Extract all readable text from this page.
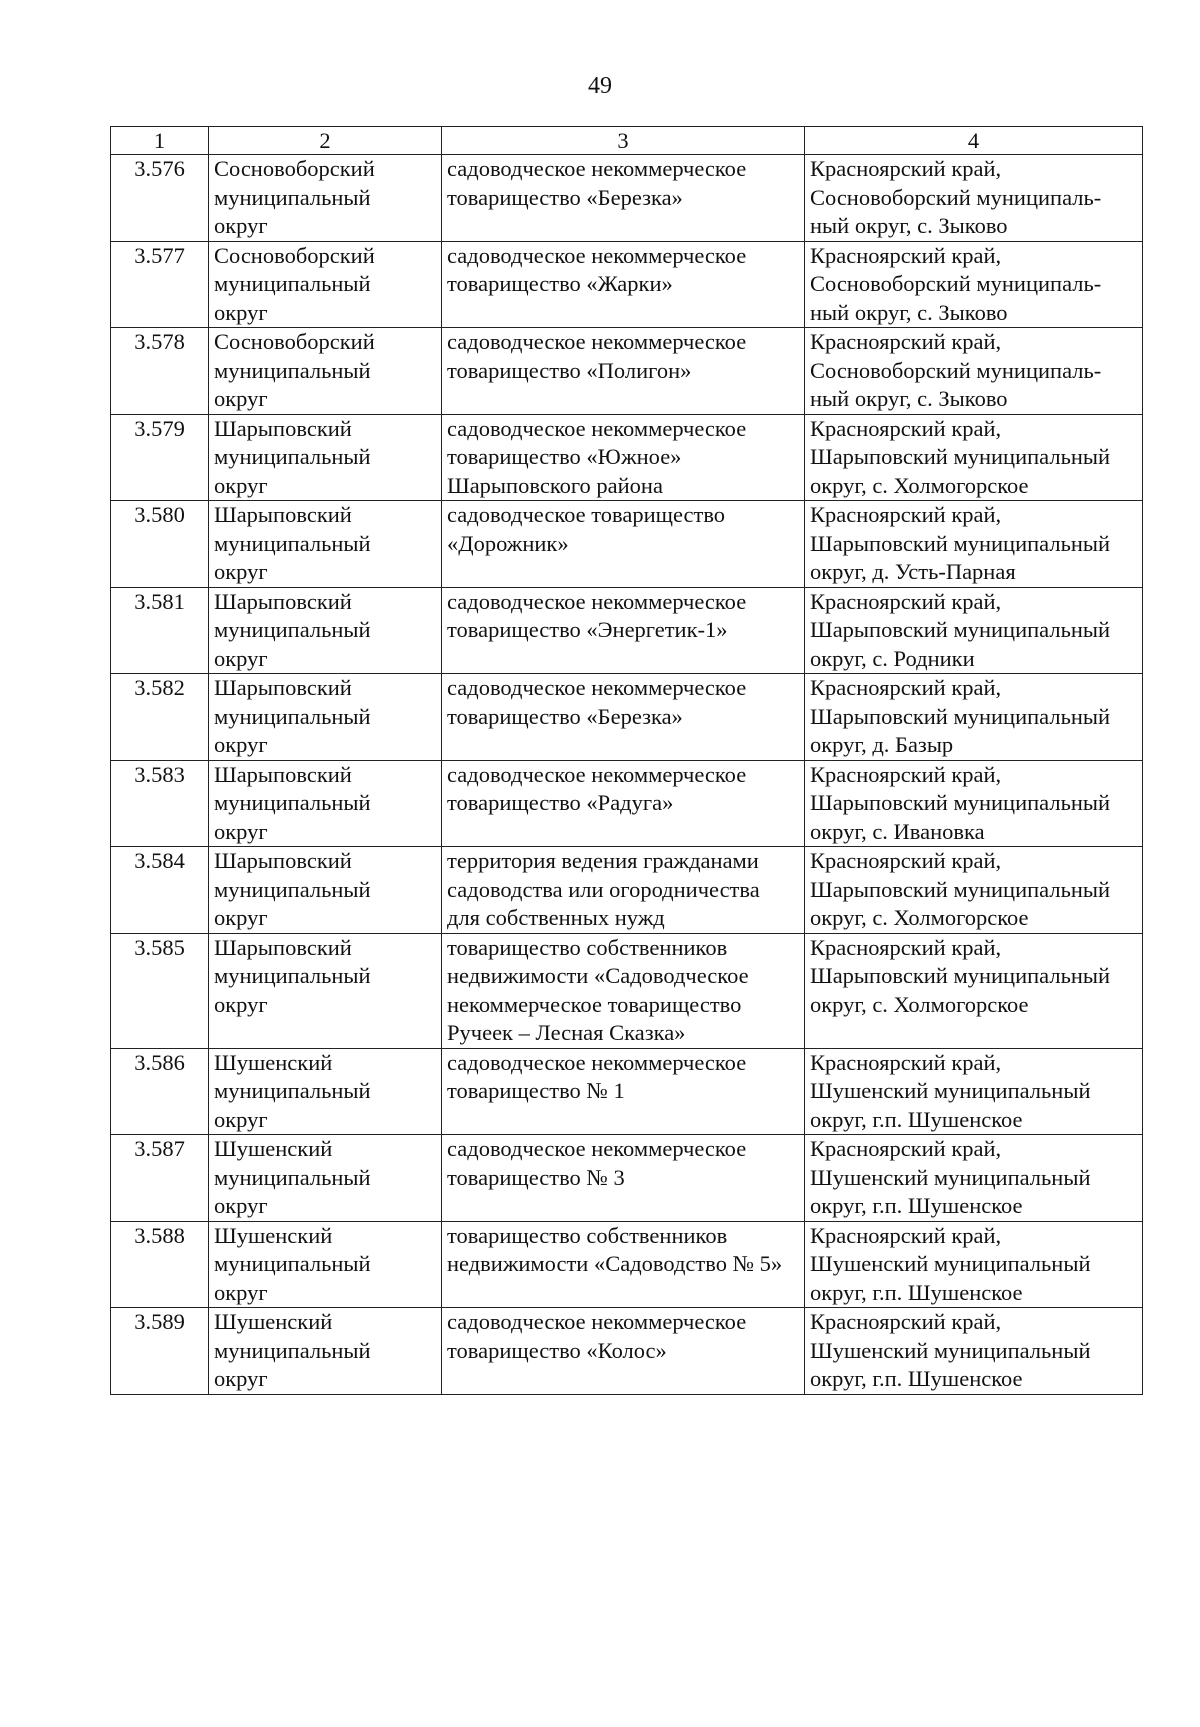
49
1	2	3	4
3.576	Сосновоборский
муниципальный
округ	садоводческое некоммерческое
товарищество «Березка»	Красноярский край,
Сосновоборский муниципаль-
ный округ, с. Зыково
3.577	Сосновоборский
муниципальный
округ	садоводческое некоммерческое
товарищество «Жарки»	Красноярский край,
Сосновоборский муниципаль-
ный округ, с. Зыково
3.578	Сосновоборский
муниципальный
округ	садоводческое некоммерческое
товарищество «Полигон»	Красноярский край,
Сосновоборский муниципаль-
ный округ, с. Зыково
3.579	Шарыповский
муниципальный
округ	садоводческое некоммерческое
товарищество «Южное»
Шарыповского района	Красноярский край,
Шарыповский муниципальный
округ, с. Холмогорское
3.580	Шарыповский
муниципальный
округ	садоводческое товарищество
«Дорожник»	Красноярский край,
Шарыповский муниципальный
округ, д. Усть-Парная
3.581	Шарыповский
муниципальный
округ	садоводческое некоммерческое
товарищество «Энергетик-1»	Красноярский край,
Шарыповский муниципальный
округ, с. Родники
3.582	Шарыповский
муниципальный
округ	садоводческое некоммерческое
товарищество «Березка»	Красноярский край,
Шарыповский муниципальный
округ, д. Базыр
3.583	Шарыповский
муниципальный
округ	садоводческое некоммерческое
товарищество «Радуга»	Красноярский край,
Шарыповский муниципальный
округ, с. Ивановка
3.584	Шарыповский
муниципальный
округ	территория ведения гражданами
садоводства или огородничества
для собственных нужд	Красноярский край,
Шарыповский муниципальный
округ, с. Холмогорское
3.585	Шарыповский
муниципальный
округ	товарищество собственников
недвижимости «Садоводческое
некоммерческое товарищество
Ручеек – Лесная Сказка»	Красноярский край,
Шарыповский муниципальный
округ, с. Холмогорское
3.586	Шушенский
муниципальный
округ	садоводческое некоммерческое
товарищество № 1	Красноярский край,
Шушенский муниципальный
округ, г.п. Шушенское
3.587	Шушенский
муниципальный
округ	садоводческое некоммерческое
товарищество № 3	Красноярский край,
Шушенский муниципальный
округ, г.п. Шушенское
3.588	Шушенский
муниципальный
округ	товарищество собственников
недвижимости «Садоводство № 5»	Красноярский край,
Шушенский муниципальный
округ, г.п. Шушенское
3.589	Шушенский
муниципальный
округ	садоводческое некоммерческое
товарищество «Колос»	Красноярский край,
Шушенский муниципальный
округ, г.п. Шушенское
